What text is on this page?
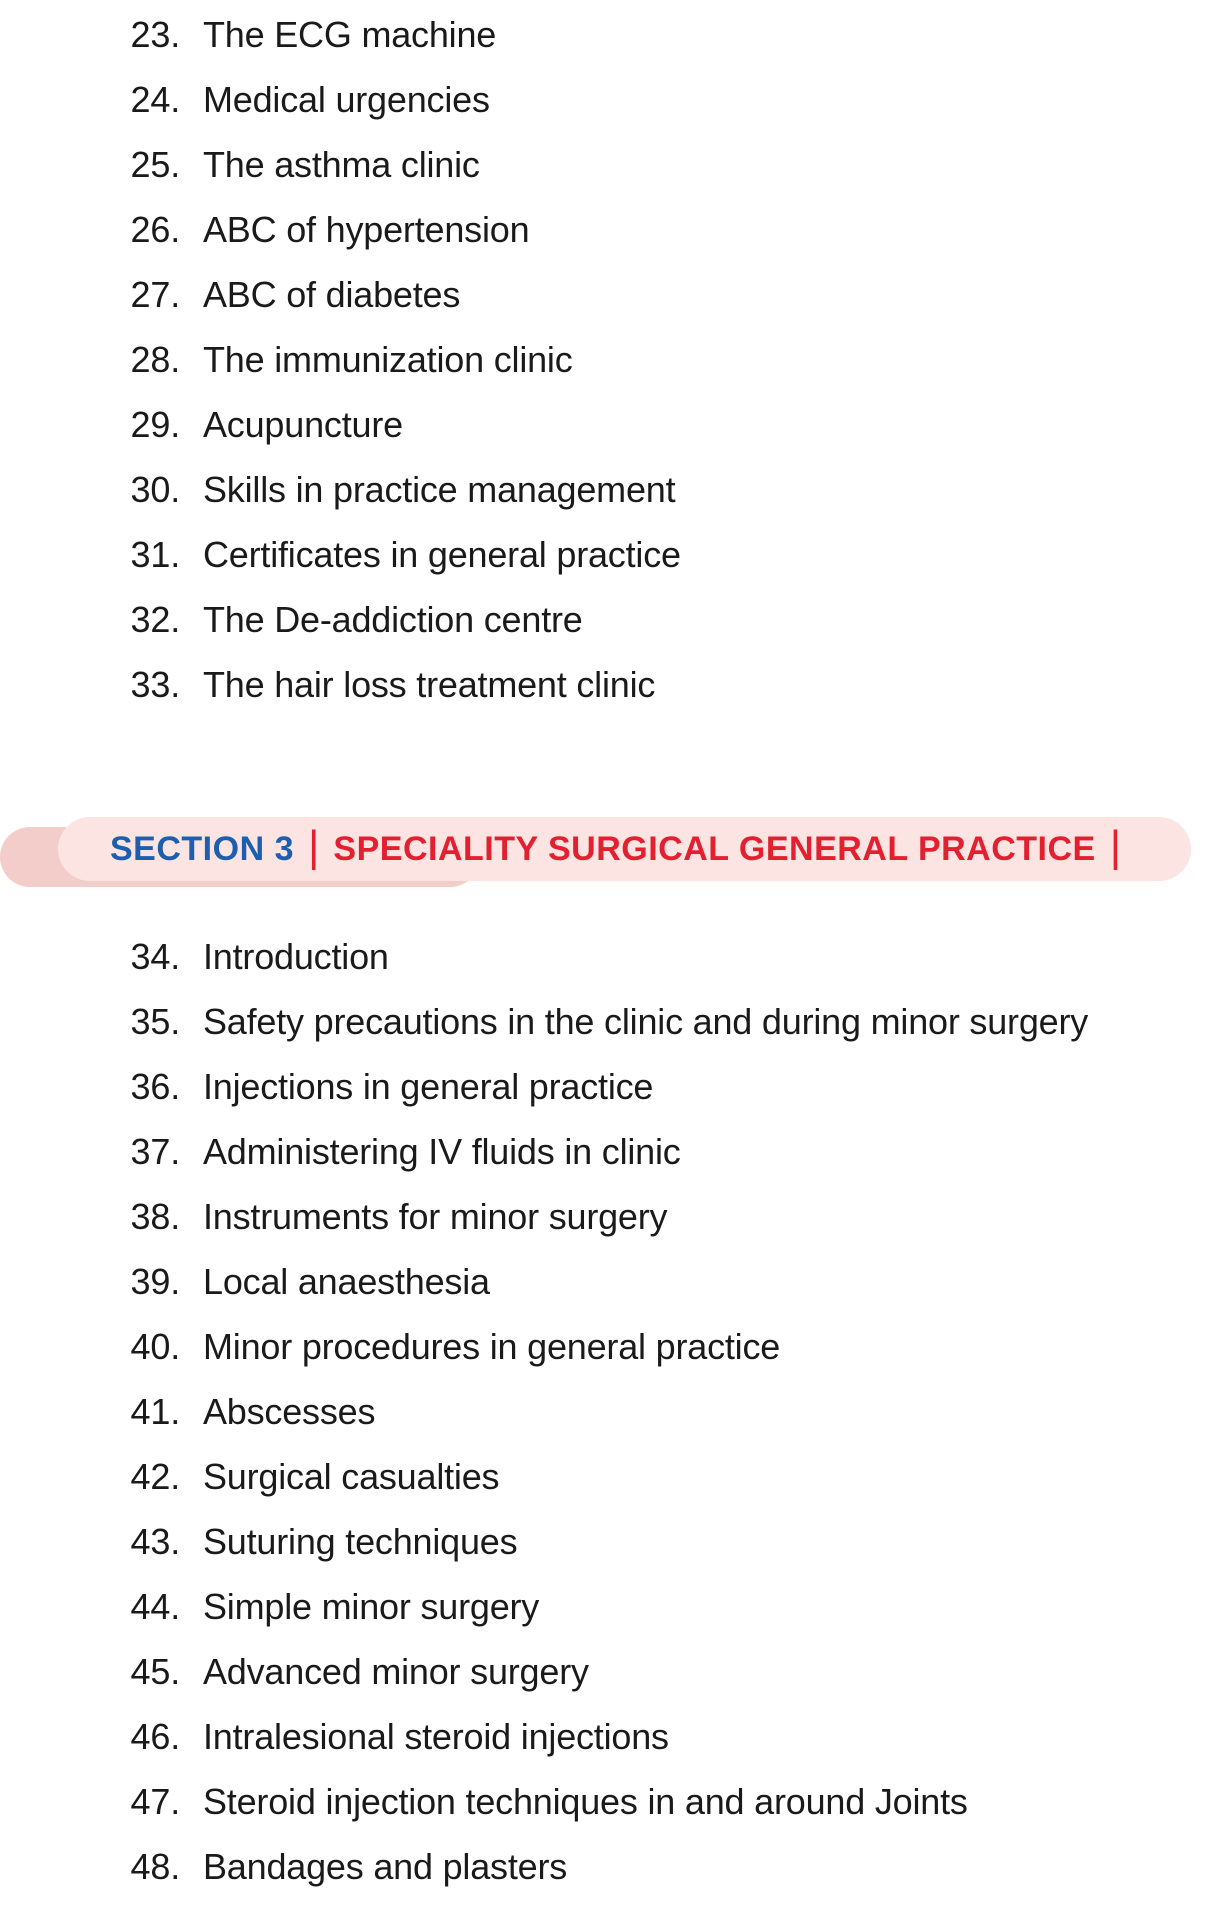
23. The ECG machine
24. Medical urgencies
25. The asthma clinic
26. ABC of hypertension
27. ABC of diabetes
28. The immunization clinic
29. Acupuncture
30. Skills in practice management
31. Certificates in general practice
32. The De-addiction centre
33. The hair loss treatment clinic
SECTION 3 | SPECIALITY SURGICAL GENERAL PRACTICE |
34. Introduction
35. Safety precautions in the clinic and during minor surgery
36. Injections in general practice
37. Administering IV fluids in clinic
38. Instruments for minor surgery
39. Local anaesthesia
40. Minor procedures in general practice
41. Abscesses
42. Surgical casualties
43. Suturing techniques
44. Simple minor surgery
45. Advanced minor surgery
46. Intralesional steroid injections
47. Steroid injection techniques in and around Joints
48. Bandages and plasters
